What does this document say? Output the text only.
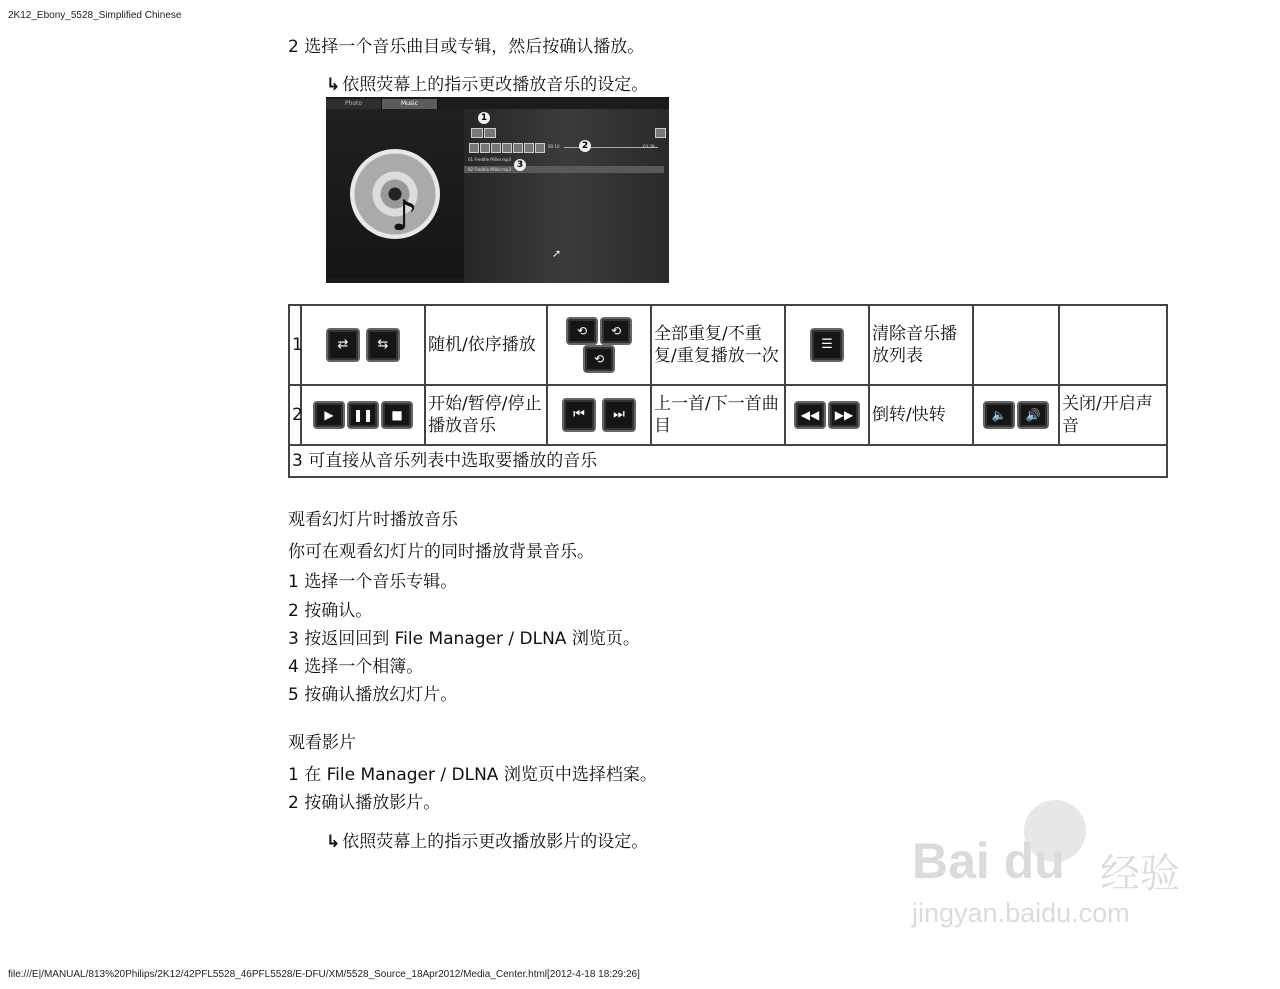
2K12_Ebony_5528_Simplified Chinese
2 选择一个音乐曲目或专辑，然后按确认播放。
↳ 依照荧幕上的指示更改播放音乐的设定。
Photo	Music
♪
1
00:10	2	03:39
01 Freddie Miller.mp3
02 Freddie Miller.mp3 3
➚
1	⇄ ⇆	随机/依序播放	⟲ ⟲⟲	全部重复/不重复/重复播放一次	☰	清除音乐播放列表		
2	▶ ❚❚ ■	开始/暂停/停止播放音乐	⏮ ⏭	上一首/下一首曲目	◀◀ ▶▶	倒转/快转	🔈 🔊	关闭/开启声音
3 可直接从音乐列表中选取要播放的音乐								
观看幻灯片时播放音乐
你可在观看幻灯片的同时播放背景音乐。
1 选择一个音乐专辑。
2 按确认。
3 按返回回到 File Manager / DLNA 浏览页。
4 选择一个相簿。
5 按确认播放幻灯片。
观看影片
1 在 File Manager / DLNA 浏览页中选择档案。
2 按确认播放影片。
↳ 依照荧幕上的指示更改播放影片的设定。	Bai du 经验
jingyan.baidu.com
file:///E|/MANUAL/813%20Philips/2K12/42PFL5528_46PFL5528/E-DFU/XM/5528_Source_18Apr2012/Media_Center.html[2012-4-18 18:29:26]
